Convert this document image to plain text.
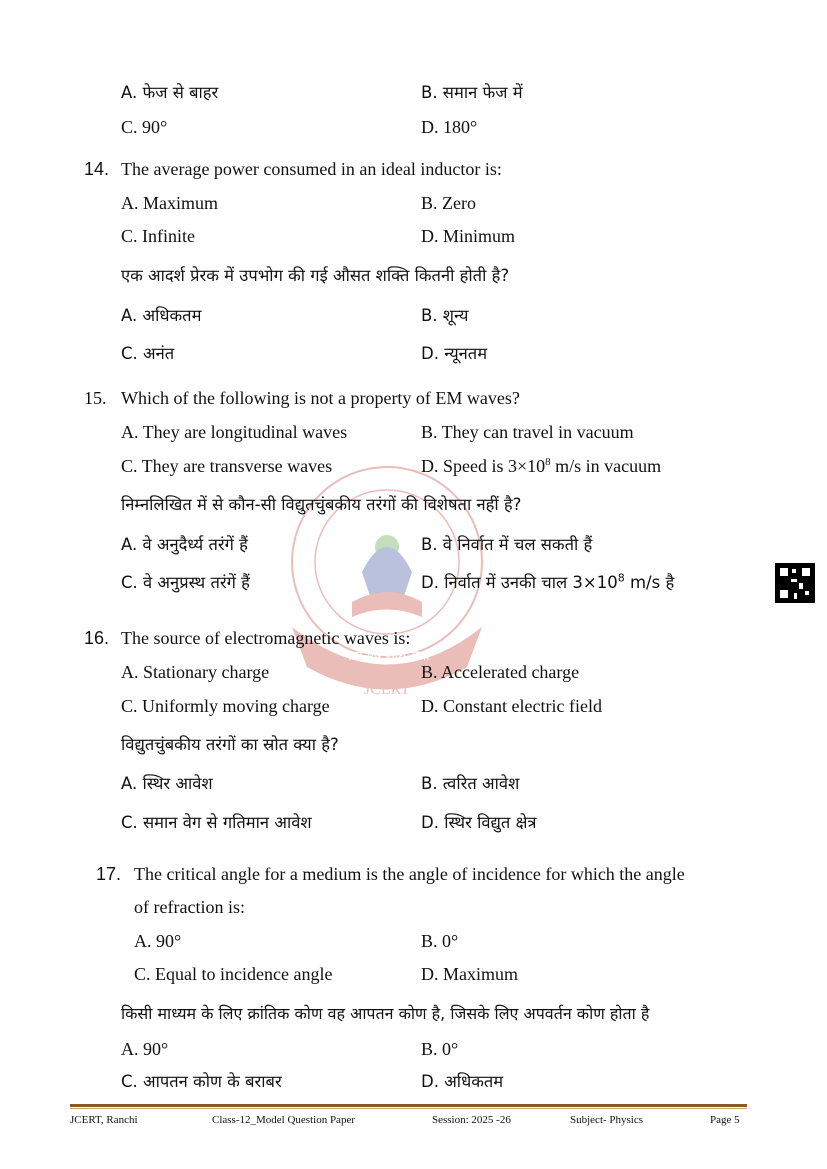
नवोन्मेष शोध सेवा
JCERT
A. फेज से बाहर	B. समान फेज में
C. 90°	D. 180°
14. The average power consumed in an ideal inductor is:
A. Maximum	B. Zero
C. Infinite	D. Minimum
एक आदर्श प्रेरक में उपभोग की गई औसत शक्ति कितनी होती है?
A. अधिकतम	B. शून्य
C. अनंत	D. न्यूनतम
15. Which of the following is not a property of EM waves?
A. They are longitudinal waves	B. They can travel in vacuum
C. They are transverse waves	D. Speed is $3\times 10^8$ m/s in vacuum
निम्नलिखित में से कौन-सी विद्युतचुंबकीय तरंगों की विशेषता नहीं है?
A. वे अनुदैर्ध्य तरंगें हैं	B. वे निर्वात में चल सकती हैं
C. वे अनुप्रस्थ तरंगें हैं	D. निर्वात में उनकी चाल $3\times 10^8$ m/s है
16. The source of electromagnetic waves is:
A. Stationary charge	B. Accelerated charge
C. Uniformly moving charge	D. Constant electric field
विद्युतचुंबकीय तरंगों का स्रोत क्या है?
A. स्थिर आवेश	B. त्वरित आवेश
C. समान वेग से गतिमान आवेश	D. स्थिर विद्युत क्षेत्र
17. The critical angle for a medium is the angle of incidence for which the angle
of refraction is:
A. 90°	B. 0°
C. Equal to incidence angle	D. Maximum
किसी माध्यम के लिए क्रांतिक कोण वह आपतन कोण है, जिसके लिए अपवर्तन कोण होता है
A. 90°	B. 0°
C. आपतन कोण के बराबर	D. अधिकतम
JCERT, Ranchi	Class-12_Model Question Paper	Session: 2025 -26	Subject- Physics	Page 5
